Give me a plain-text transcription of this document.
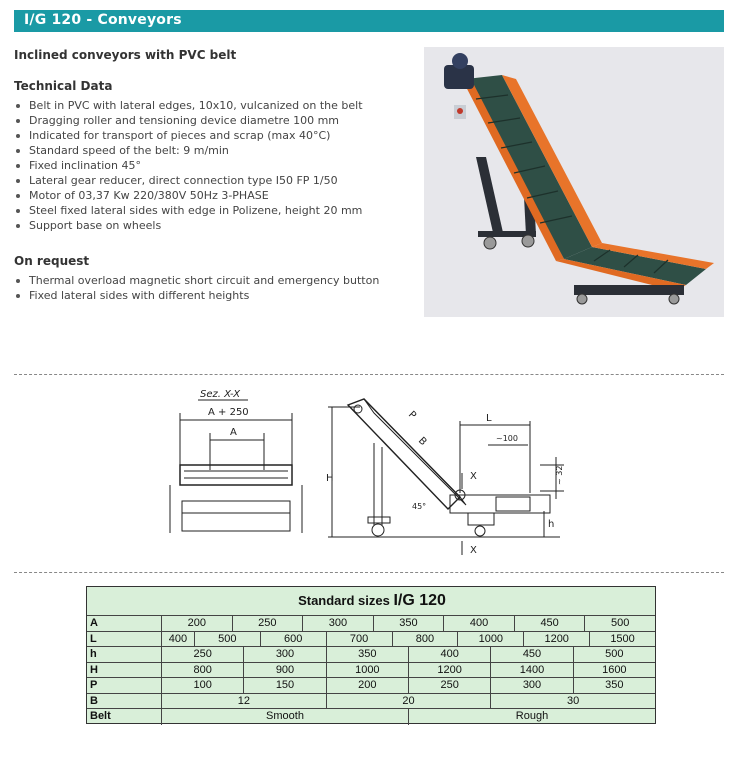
I/G 120 - Conveyors
Inclined conveyors with PVC belt
Technical Data
Belt in PVC with lateral edges, 10x10, vulcanized on the belt
Dragging roller and tensioning device diametre 100 mm
Indicated for transport of pieces and scrap (max 40°C)
Standard speed of the belt: 9 m/min
Fixed inclination 45°
Lateral gear reducer, direct connection type I50 FP 1/50
Motor of 03,37 Kw 220/380V 50Hz 3-PHASE
Steel fixed lateral sides with edge in Polizene, height 20 mm
Support base on wheels
On request
Thermal overload magnetic short circuit and emergency button
Fixed lateral sides with different heights
Sez. X-X
A + 250
A
H
P
B
45°
L
~100
X
X
~ 32
h
Standard sizes I/G 120
A	200	250	300	350	400	450	500
L	400	500	600	700	800	1000	1200	1500
h	250	300	350	400	450	500
H	800	900	1000	1200	1400	1600
P	100	150	200	250	300	350
B	12	20	30
Belt	Smooth	Rough
